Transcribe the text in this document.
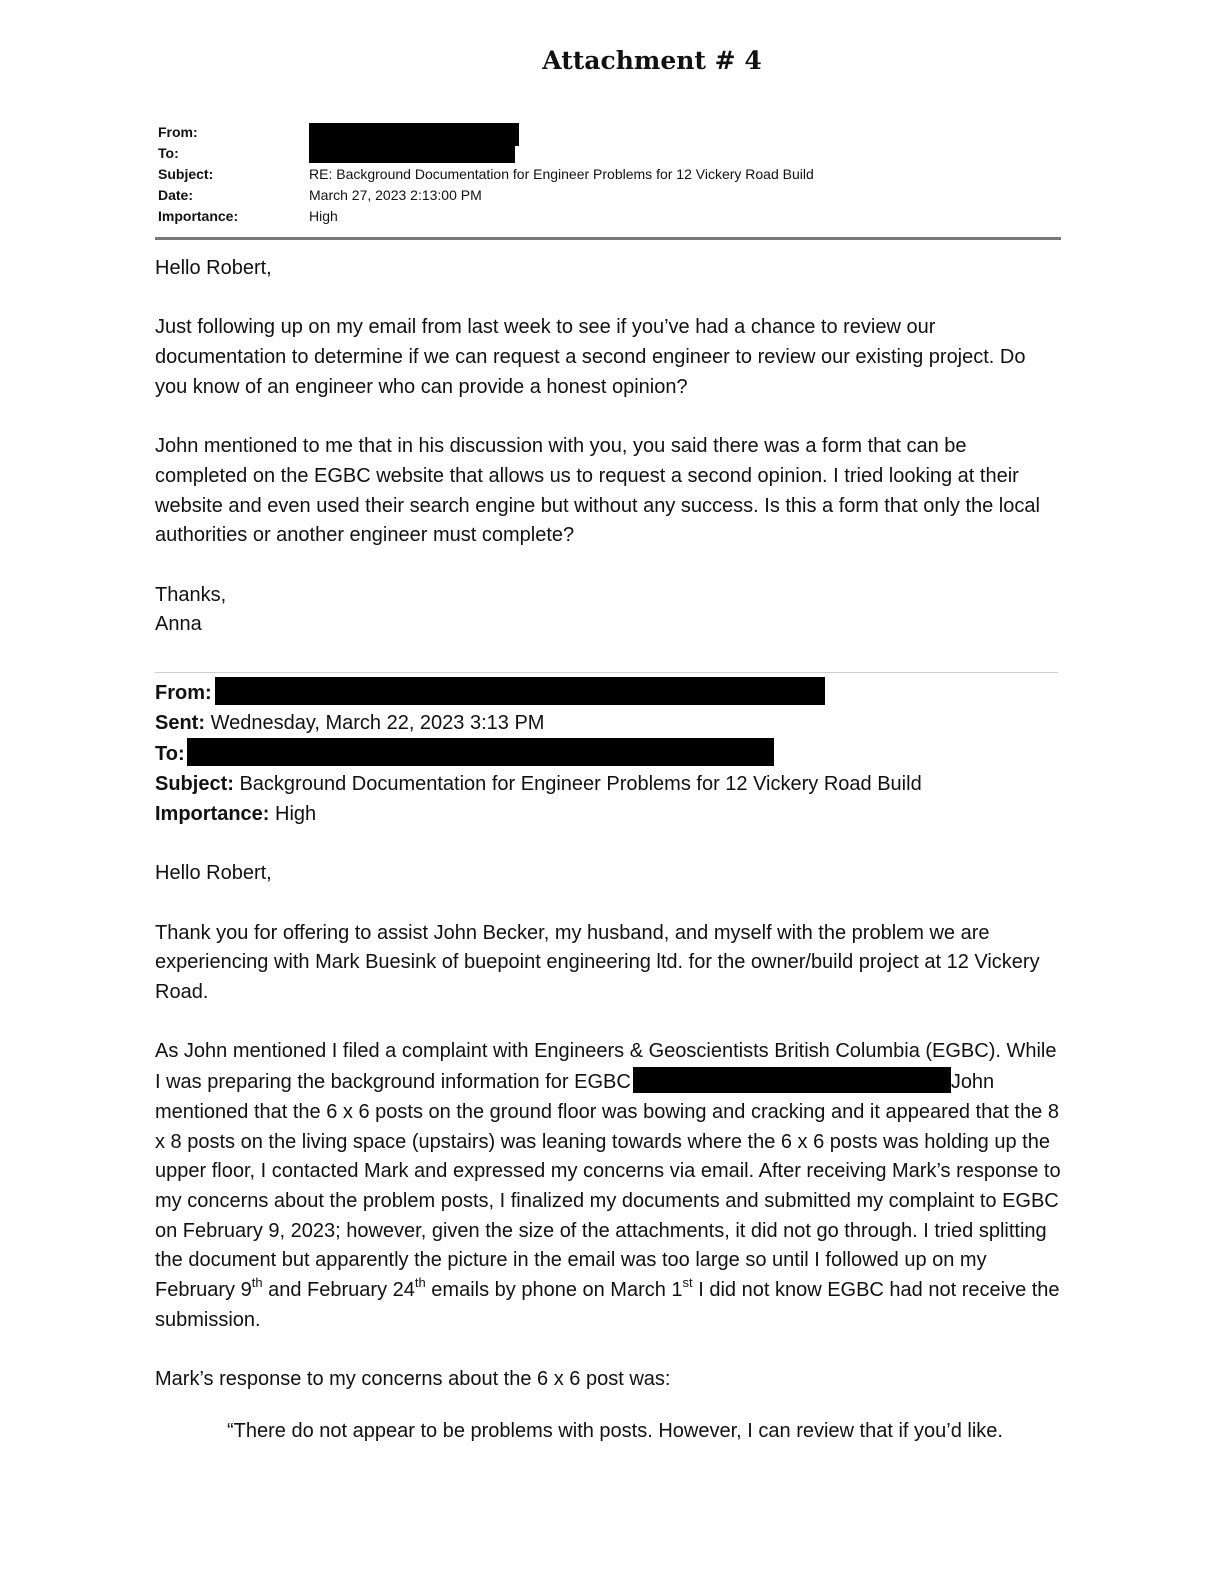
Attachment # 4
From:
To:
Subject:	RE: Background Documentation for Engineer Problems for 12 Vickery Road Build
Date:	March 27, 2023 2:13:00 PM
Importance:	High

Hello Robert,

Just following up on my email from last week to see if you’ve had a chance to review our documentation to determine if we can request a second engineer to review our existing project. Do you know of an engineer who can provide a honest opinion?

John mentioned to me that in his discussion with you, you said there was a form that can be completed on the EGBC website that allows us to request a second opinion. I tried looking at their website and even used their search engine but without any success. Is this a form that only the local authorities or another engineer must complete?

Thanks,

Anna

From:
Sent: Wednesday, March 22, 2023 3:13 PM
To:
Subject: Background Documentation for Engineer Problems for 12 Vickery Road Build
Importance: High

Hello Robert,

Thank you for offering to assist John Becker, my husband, and myself with the problem we are experiencing with Mark Buesink of buepoint engineering ltd. for the owner/build project at 12 Vickery Road.

As John mentioned I filed a complaint with Engineers & Geoscientists British Columbia (EGBC). While I was preparing the background information for EGBC	John mentioned that the 6 x 6 posts on the ground floor was bowing and cracking and it appeared that the 8 x 8 posts on the living space (upstairs) was leaning towards where the 6 x 6 posts was holding up the upper floor, I contacted Mark and expressed my concerns via email. After receiving Mark’s response to my concerns about the problem posts, I finalized my documents and submitted my complaint to EGBC on February 9, 2023; however, given the size of the attachments, it did not go through. I tried splitting the document but apparently the picture in the email was too large so until I followed up on my February 9th and February 24th emails by phone on March 1st I did not know EGBC had not receive the submission.

Mark’s response to my concerns about the 6 x 6 post was:

“There do not appear to be problems with posts. However, I can review that if you’d like.
